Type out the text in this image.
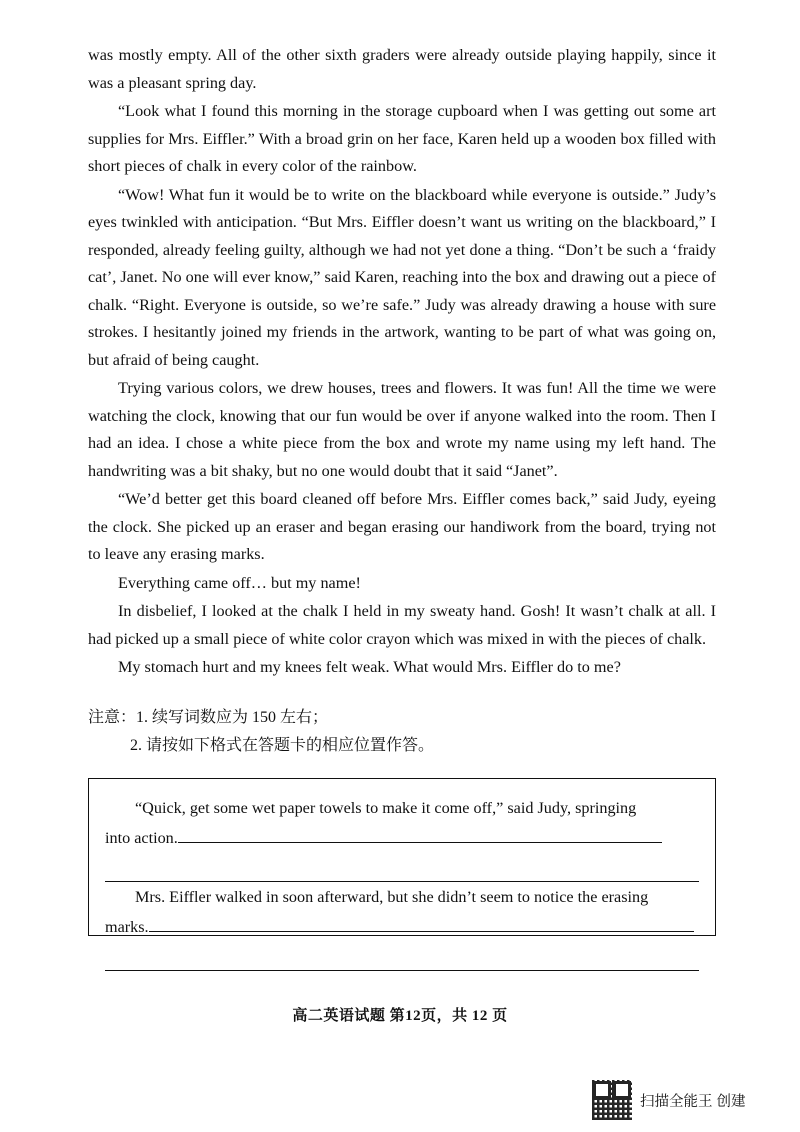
was mostly empty. All of the other sixth graders were already outside playing happily, since it was a pleasant spring day.

“Look what I found this morning in the storage cupboard when I was getting out some art supplies for Mrs. Eiffler.” With a broad grin on her face, Karen held up a wooden box filled with short pieces of chalk in every color of the rainbow.

“Wow! What fun it would be to write on the blackboard while everyone is outside.” Judy’s eyes twinkled with anticipation. “But Mrs. Eiffler doesn’t want us writing on the blackboard,” I responded, already feeling guilty, although we had not yet done a thing. “Don’t be such a ‘fraidy cat’, Janet. No one will ever know,” said Karen, reaching into the box and drawing out a piece of chalk. “Right. Everyone is outside, so we’re safe.” Judy was already drawing a house with sure strokes. I hesitantly joined my friends in the artwork, wanting to be part of what was going on, but afraid of being caught.

Trying various colors, we drew houses, trees and flowers. It was fun! All the time we were watching the clock, knowing that our fun would be over if anyone walked into the room. Then I had an idea. I chose a white piece from the box and wrote my name using my left hand. The handwriting was a bit shaky, but no one would doubt that it said “Janet”.

“We’d better get this board cleaned off before Mrs. Eiffler comes back,” said Judy, eyeing the clock. She picked up an eraser and began erasing our handiwork from the board, trying not to leave any erasing marks.

Everything came off… but my name!

In disbelief, I looked at the chalk I held in my sweaty hand. Gosh! It wasn’t chalk at all. I had picked up a small piece of white color crayon which was mixed in with the pieces of chalk.

My stomach hurt and my knees felt weak. What would Mrs. Eiffler do to me?

注意：1. 续写词数应为 150 左右；
2. 请按如下格式在答题卡的相应位置作答。

“Quick, get some wet paper towels to make it come off,” said Judy, springing

into action.

Mrs. Eiffler walked in soon afterward, but she didn’t seem to notice the erasing

marks.

高二英语试题 第12页，共 12 页
扫描全能王 创建
